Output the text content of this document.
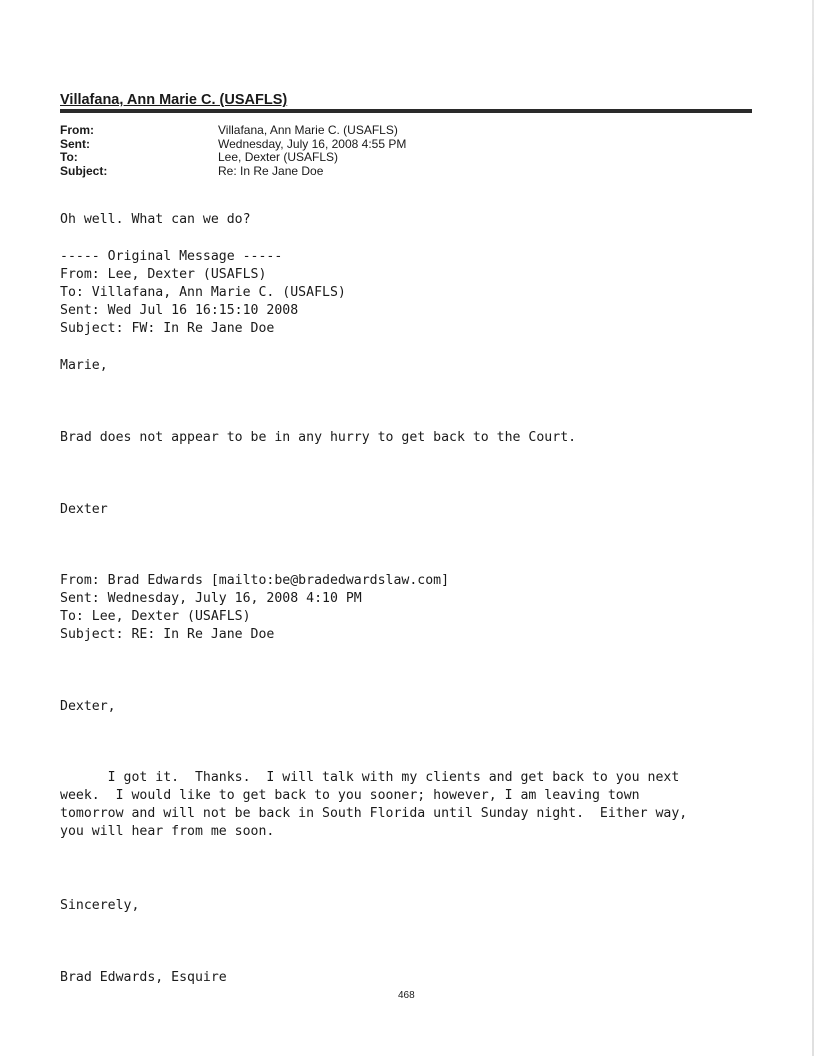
Villafana, Ann Marie C. (USAFLS)
From:	Villafana, Ann Marie C. (USAFLS)
Sent:	Wednesday, July 16, 2008 4:55 PM
To:	Lee, Dexter (USAFLS)
Subject:	Re: In Re Jane Doe
Oh well. What can we do?
----- Original Message -----
From: Lee, Dexter (USAFLS)
To: Villafana, Ann Marie C. (USAFLS)
Sent: Wed Jul 16 16:15:10 2008
Subject: FW: In Re Jane Doe
Marie,
Brad does not appear to be in any hurry to get back to the Court.
Dexter
From: Brad Edwards [mailto:be@bradedwardslaw.com]
Sent: Wednesday, July 16, 2008 4:10 PM
To: Lee, Dexter (USAFLS)
Subject: RE: In Re Jane Doe
Dexter,
I got it.  Thanks.  I will talk with my clients and get back to you next
week.  I would like to get back to you sooner; however, I am leaving town
tomorrow and will not be back in South Florida until Sunday night.  Either way,
you will hear from me soon.
Sincerely,
Brad Edwards, Esquire
468
